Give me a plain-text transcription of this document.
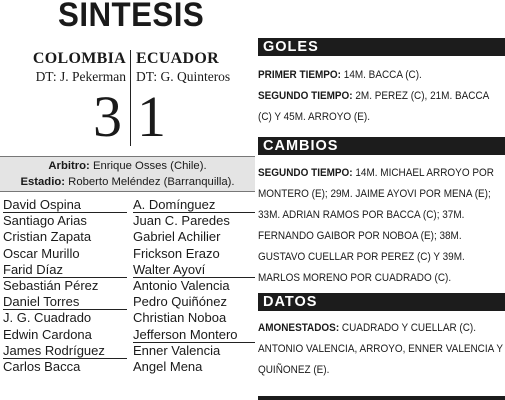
SINTESIS
COLOMBIA
DT: J. Pekerman
ECUADOR
DT: G. Quinteros
3 1
Arbitro: Enrique Osses (Chile).
Estadio: Roberto Meléndez (Barranquilla).
David Ospina
Santiago Arias
Cristian Zapata
Oscar Murillo
Farid Díaz
Sebastián Pérez
Daniel Torres
J. G. Cuadrado
Edwin Cardona
James Rodríguez
Carlos Bacca
A. Domínguez
Juan C. Paredes
Gabriel Achilier
Frickson Erazo
Walter Ayoví
Antonio Valencia
Pedro Quiñónez
Christian Noboa
Jefferson Montero
Enner Valencia
Angel Mena
GOLES
PRIMER TIEMPO: 14M. BACCA (C).
SEGUNDO TIEMPO: 2M. PEREZ (C), 21M. BACCA (C) Y 45M. ARROYO (E).
CAMBIOS
SEGUNDO TIEMPO: 14M. MICHAEL ARROYO POR MONTERO (E); 29M. JAIME AYOVI POR MENA (E); 33M. ADRIAN RAMOS POR BACCA (C); 37M. FERNANDO GAIBOR POR NOBOA (E); 38M. GUSTAVO CUELLAR POR PEREZ (C) Y 39M. MARLOS MORENO POR CUADRADO (C).
DATOS
AMONESTADOS: CUADRADO Y CUELLAR (C). ANTONIO VALENCIA, ARROYO, ENNER VALENCIA Y QUIÑONEZ (E).
